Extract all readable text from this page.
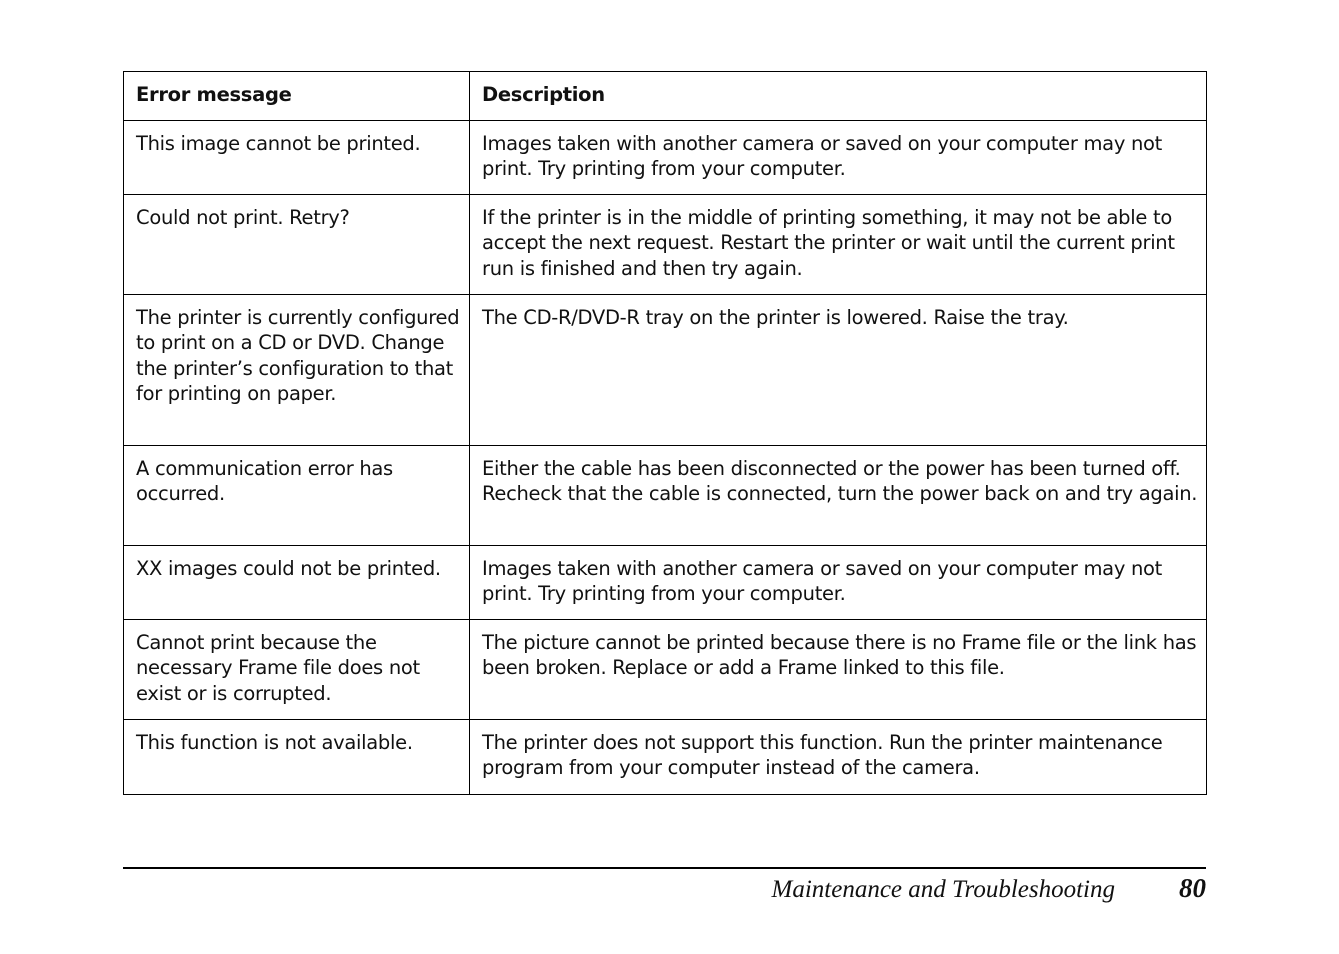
Error message	Description
This image cannot be printed.	Images taken with another camera or saved on your computer may not print. Try printing from your computer.
Could not print. Retry?	If the printer is in the middle of printing something, it may not be able to accept the next request. Restart the printer or wait until the current print run is finished and then try again.
The printer is currently configured to print on a CD or DVD. Change the printer’s configuration to that for printing on paper.	The CD-R/DVD-R tray on the printer is lowered. Raise the tray.
A communication error has occurred.	Either the cable has been disconnected or the power has been turned off. Recheck that the cable is connected, turn the power back on and try again.
XX images could not be printed.	Images taken with another camera or saved on your computer may not print. Try printing from your computer.
Cannot print because the necessary Frame file does not exist or is corrupted.	The picture cannot be printed because there is no Frame file or the link has been broken. Replace or add a Frame linked to this file.
This function is not available.	The printer does not support this function. Run the printer maintenance program from your computer instead of the camera.
Maintenance and Troubleshooting 80
